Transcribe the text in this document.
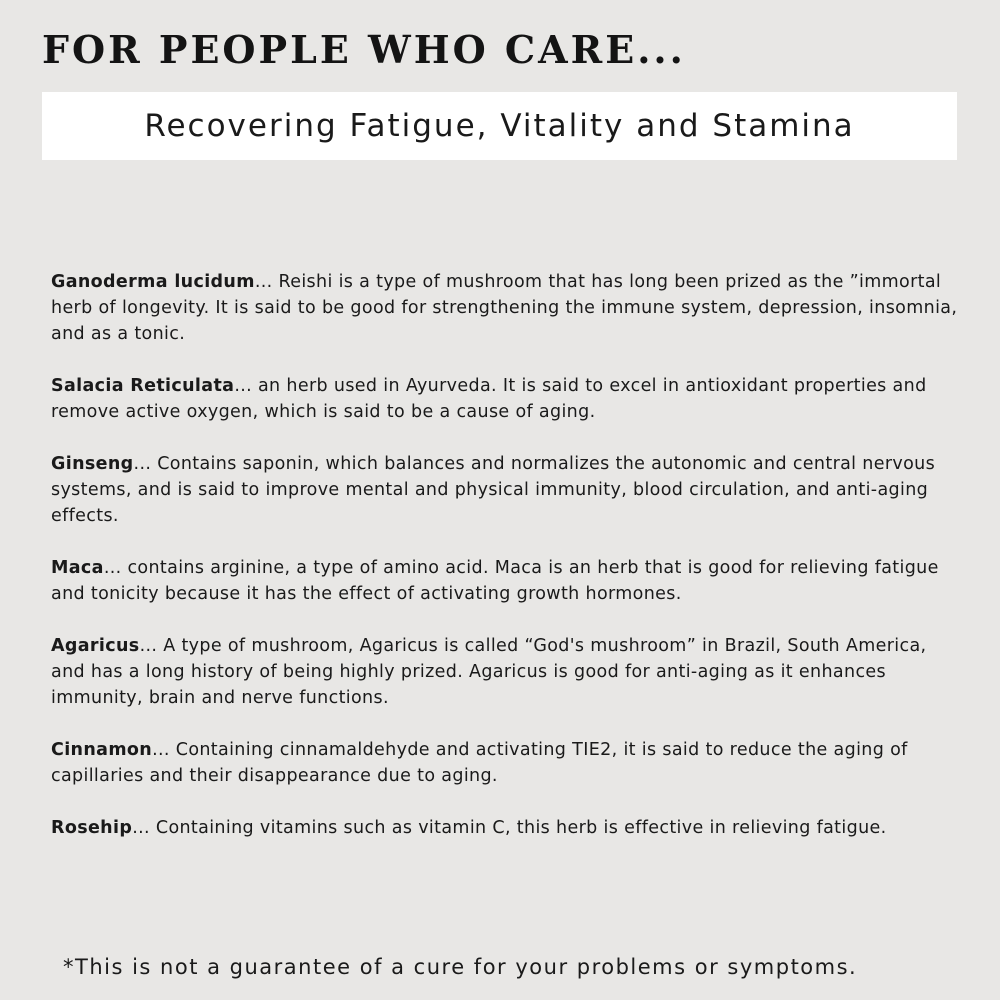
FOR PEOPLE WHO CARE...
Recovering Fatigue, Vitality and Stamina

Ganoderma lucidum... Reishi is a type of mushroom that has long been prized as the ”immortal herb of longevity. It is said to be good for strengthening the immune system, depression, insomnia, and as a tonic.

Salacia Reticulata... an herb used in Ayurveda. It is said to excel in antioxidant properties and remove active oxygen, which is said to be a cause of aging.

Ginseng... Contains saponin, which balances and normalizes the autonomic and central nervous systems, and is said to improve mental and physical immunity, blood circulation, and anti-aging effects.

Maca... contains arginine, a type of amino acid. Maca is an herb that is good for relieving fatigue and tonicity because it has the effect of activating growth hormones.

Agaricus... A type of mushroom, Agaricus is called “God's mushroom” in Brazil, South America, and has a long history of being highly prized. Agaricus is good for anti-aging as it enhances immunity, brain and nerve functions.

Cinnamon... Containing cinnamaldehyde and activating TIE2, it is said to reduce the aging of capillaries and their disappearance due to aging.

Rosehip... Containing vitamins such as vitamin C, this herb is effective in relieving fatigue.

*This is not a guarantee of a cure for your problems or symptoms.
